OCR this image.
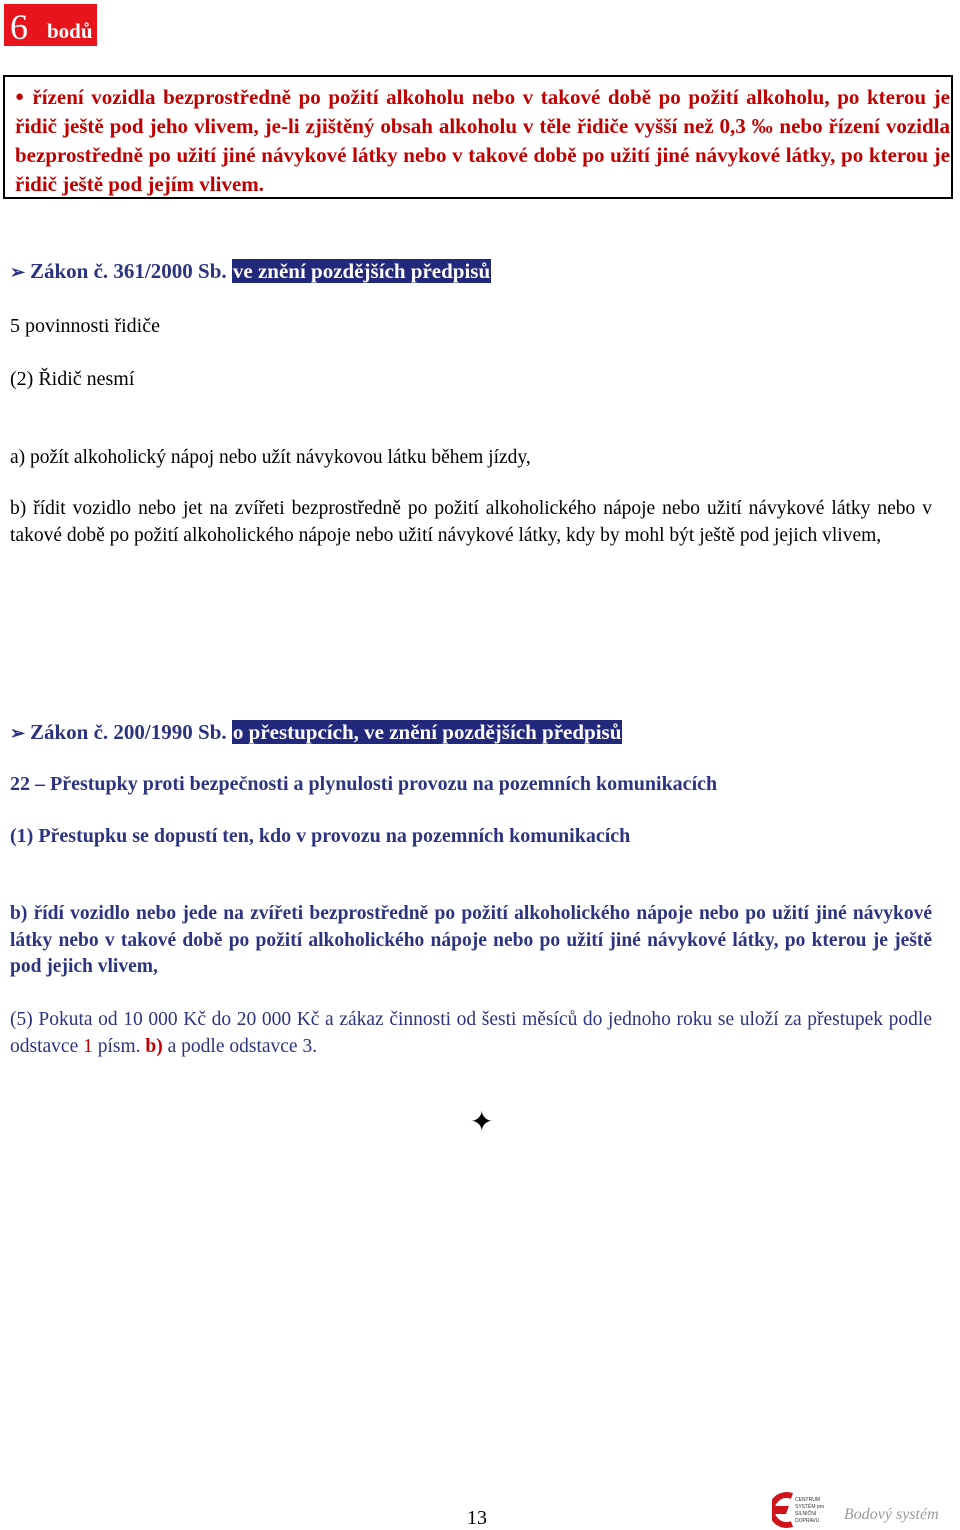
6 bodů
● řízení vozidla bezprostředně po požití alkoholu nebo v takové době po požití alkoholu, po kterou je řidič ještě pod jeho vlivem, je-li zjištěný obsah alkoholu v těle řidiče vyšší než 0,3 ‰ nebo řízení vozidla bezprostředně po užití jiné návykové látky nebo v takové době po užití jiné návykové látky, po kterou je řidič ještě pod jejím vlivem.
➢ Zákon č. 361/2000 Sb. ve znění pozdějších předpisů
5 povinnosti řidiče
(2) Řidič nesmí
a) požít alkoholický nápoj nebo užít návykovou látku během jízdy,
b) řídit vozidlo nebo jet na zvířeti bezprostředně po požití alkoholického nápoje nebo užití návykové látky nebo v takové době po požití alkoholického nápoje nebo užití návykové látky, kdy by mohl být ještě pod jejich vlivem,
➢ Zákon č. 200/1990 Sb. o přestupcích, ve znění pozdějších předpisů
22 – Přestupky proti bezpečnosti a plynulosti provozu na pozemních komunikacích
(1) Přestupku se dopustí ten, kdo v provozu na pozemních komunikacích
b) řídí vozidlo nebo jede na zvířeti bezprostředně po požití alkoholického nápoje nebo po užití jiné návykové látky nebo v takové době po požití alkoholického nápoje nebo po užití jiné návykové látky, po kterou je ještě pod jejich vlivem,
(5) Pokuta od 10 000 Kč do 20 000 Kč a zákaz činnosti od šesti měsíců do jednoho roku se uloží za přestupek podle odstavce 1 písm. b) a podle odstavce 3.
✦
13
CENTRUM
SYSTÉM pro
SILNIČNÍ
DOPRAVU Bodový systém
